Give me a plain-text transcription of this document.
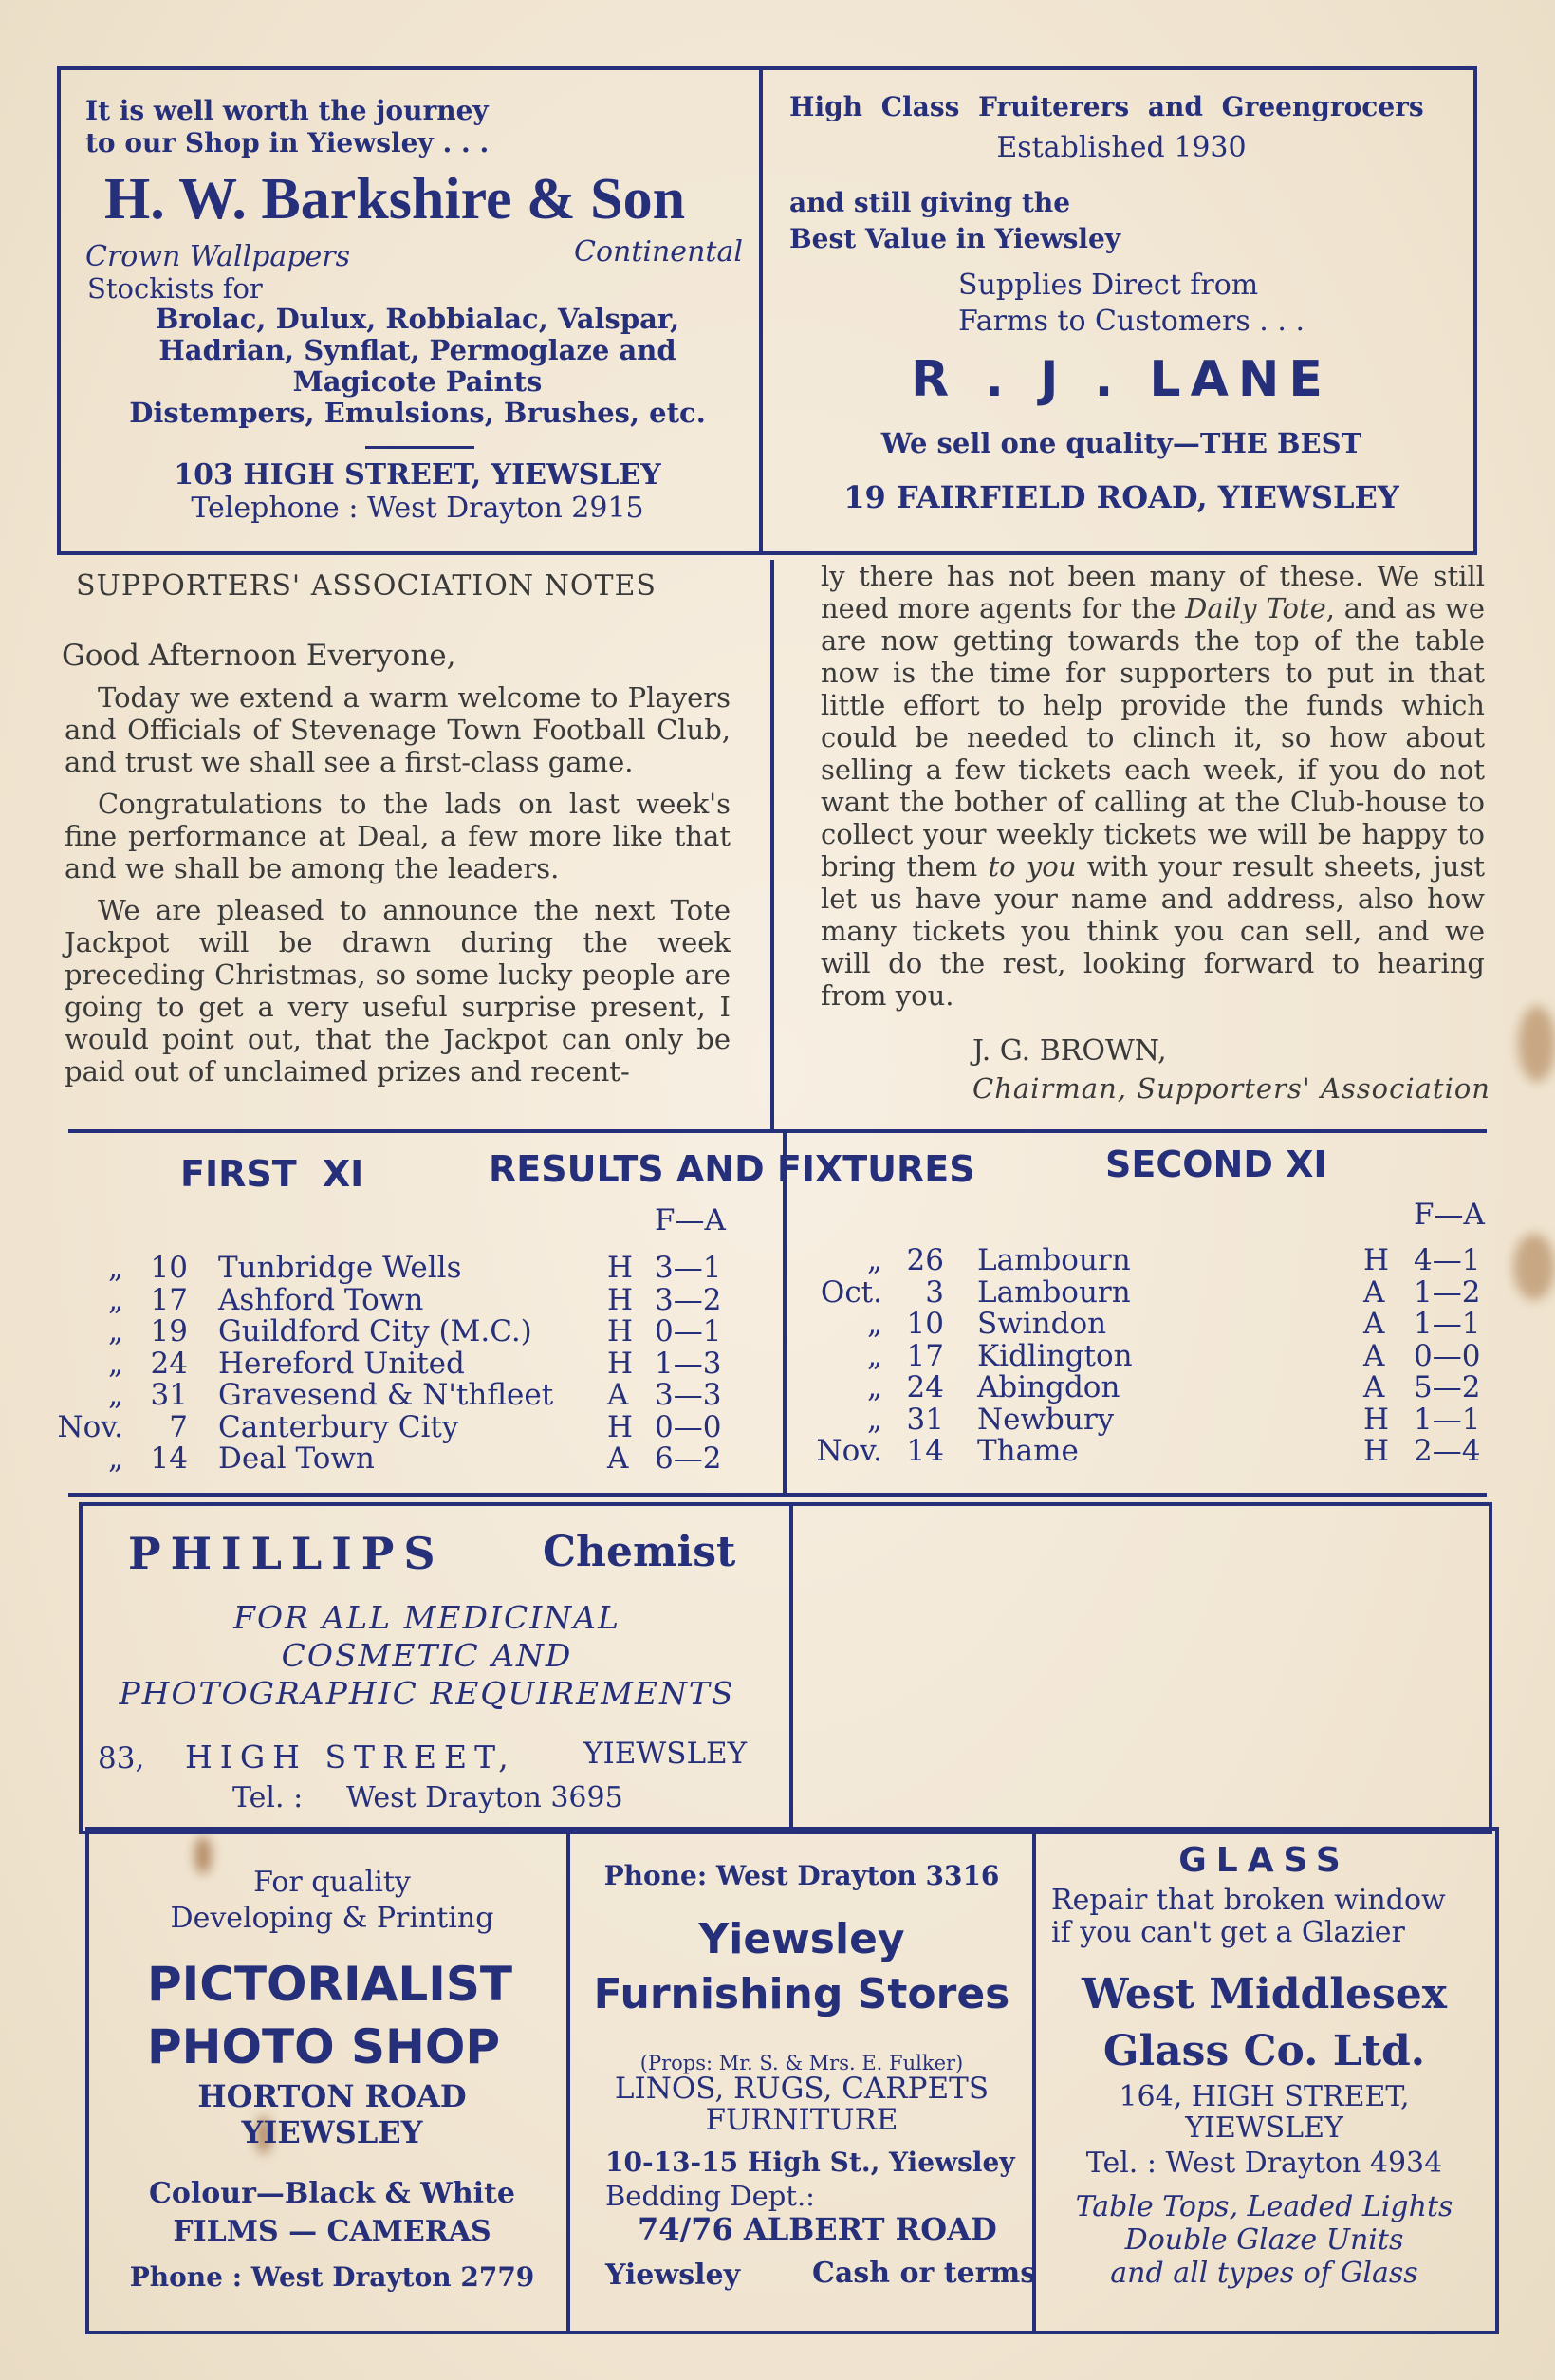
It is well worth the journey
to our Shop in Yiewsley . . .
H. W. Barkshire & Son
Crown Wallpapers	Continental
Stockists for
Brolac, Dulux, Robbialac, Valspar,
Hadrian, Synflat, Permoglaze and
Magicote Paints
Distempers, Emulsions, Brushes, etc.
103 HIGH STREET, YIEWSLEY
Telephone : West Drayton 2915
High Class Fruiterers and Greengrocers
Established 1930
and still giving the
Best Value in Yiewsley
Supplies Direct from
Farms to Customers . . .
R . J . LANE
We sell one quality—THE BEST
19 FAIRFIELD ROAD, YIEWSLEY
SUPPORTERS' ASSOCIATION NOTES
Good Afternoon Everyone,

Today we extend a warm welcome to Players and Officials of Stevenage Town Football Club, and trust we shall see a first-class game.

Congratulations to the lads on last week's fine performance at Deal, a few more like that and we shall be among the leaders.

We are pleased to announce the next Tote Jackpot will be drawn during the week preceding Christmas, so some lucky people are going to get a very useful surprise present, I would point out, that the Jackpot can only be paid out of unclaimed prizes and recent-

ly there has not been many of these. We still need more agents for the Daily Tote, and as we are now getting towards the top of the table now is the time for supporters to put in that little effort to help provide the funds which could be needed to clinch it, so how about selling a few tickets each week, if you do not want the bother of calling at the Club-house to collect your weekly tickets we will be happy to bring them to you with your result sheets, just let us have your name and address, also how many tickets you think you can sell, and we will do the rest, looking forward to hearing from you.

J. G. BROWN,
Chairman, Supporters' Association
FIRST XI	RESULTS AND FIXTURES	SECOND XI
F—A	F—A
„ 10 Tunbridge Wells	H 3—1
„ 17 Ashford Town	H 3—2
„ 19 Guildford City (M.C.)	H 0—1
„ 24 Hereford United	H 1—3
„ 31 Gravesend & N'thfleet A 3—3
Nov.	7 Canterbury City	H 0—0
„ 14 Deal Town	A 6—2
„ 26 Lambourn	H 4—1
Oct.	3 Lambourn	A 1—2
„ 10 Swindon	A 1—1
„ 17 Kidlington	A 0—0
„ 24 Abingdon	A 5—2
„ 31 Newbury	H 1—1
Nov. 14 Thame	H 2—4
PHILLIPS Chemist
FOR ALL MEDICINAL
COSMETIC AND
PHOTOGRAPHIC REQUIREMENTS
83, HIGH STREET, YIEWSLEY
Tel. : West Drayton 3695
For quality
Developing & Printing
PICTORIALIST
PHOTO SHOP
HORTON ROAD
YIEWSLEY
Colour—Black & White
FILMS — CAMERAS
Phone : West Drayton 2779
Phone: West Drayton 3316
Yiewsley
Furnishing Stores
(Props: Mr. S. & Mrs. E. Fulker)
LINOS, RUGS, CARPETS
FURNITURE
10-13-15 High St., Yiewsley
Bedding Dept.:
74/76 ALBERT ROAD
Yiewsley	Cash or terms
GLASS
Repair that broken window
if you can't get a Glazier
West Middlesex
Glass Co. Ltd.
164, HIGH STREET,
YIEWSLEY
Tel. : West Drayton 4934
Table Tops, Leaded Lights
Double Glaze Units
and all types of Glass
